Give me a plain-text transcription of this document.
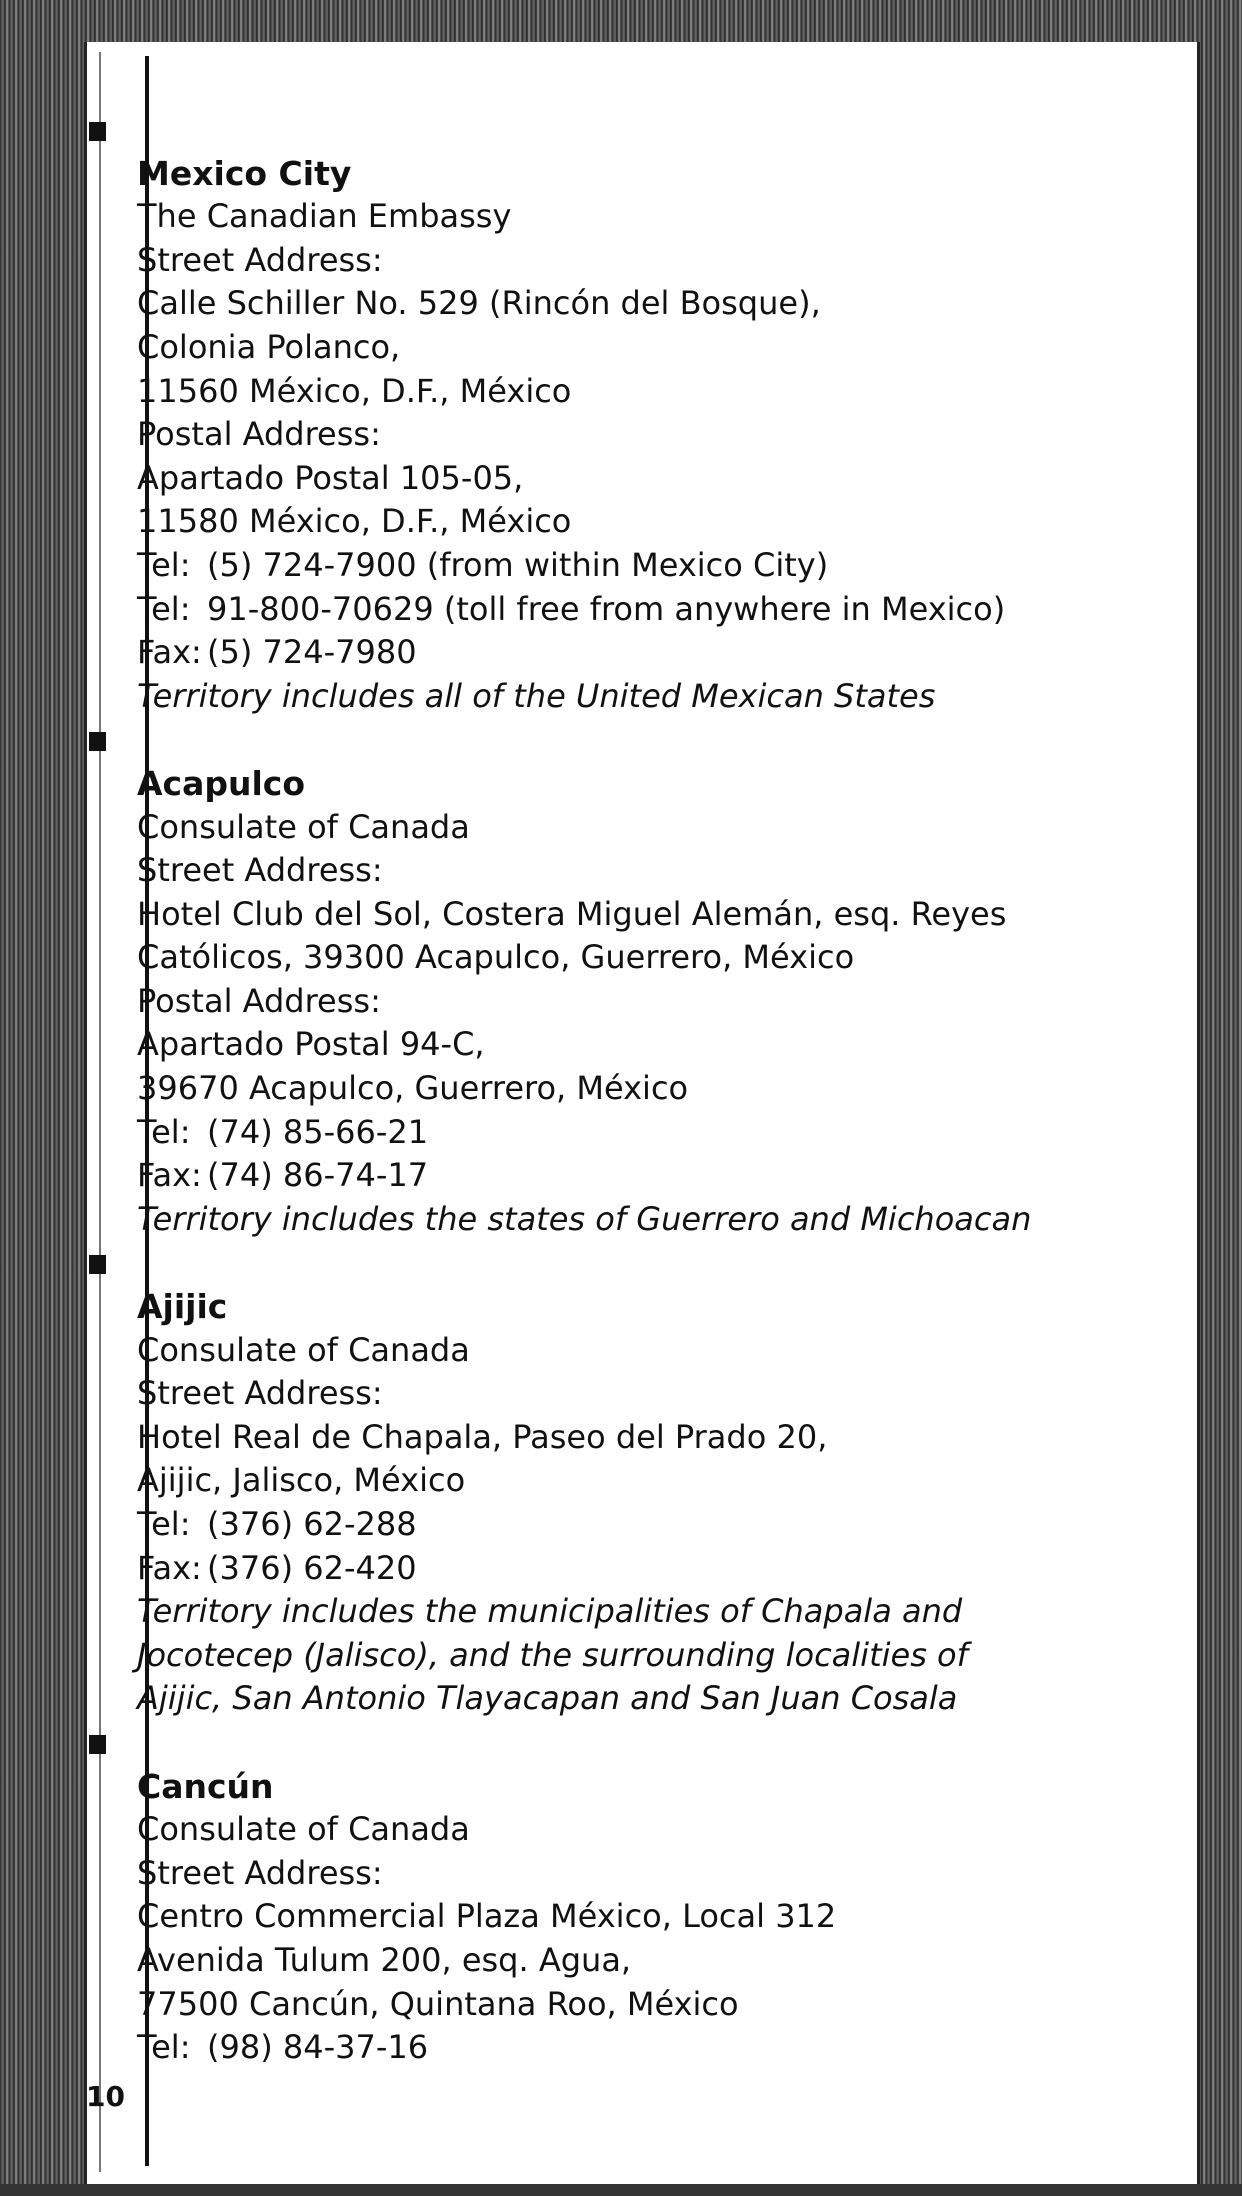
Mexico City
The Canadian Embassy
Street Address:
Calle Schiller No. 529 (Rincón del Bosque),
Colonia Polanco,
11560 México, D.F., México
Postal Address:
Apartado Postal 105-05,
11580 México, D.F., México
Tel: (5) 724-7900 (from within Mexico City)
Tel: 91-800-70629 (toll free from anywhere in Mexico)
Fax: (5) 724-7980
Territory includes all of the United Mexican States
Acapulco
Consulate of Canada
Street Address:
Hotel Club del Sol, Costera Miguel Alemán, esq. Reyes
Católicos, 39300 Acapulco, Guerrero, México
Postal Address:
Apartado Postal 94-C,
39670 Acapulco, Guerrero, México
Tel: (74) 85-66-21
Fax: (74) 86-74-17
Territory includes the states of Guerrero and Michoacan
Ajijic
Consulate of Canada
Street Address:
Hotel Real de Chapala, Paseo del Prado 20,
Ajijic, Jalisco, México
Tel: (376) 62-288
Fax: (376) 62-420
Territory includes the municipalities of Chapala and
Jocotecep (Jalisco), and the surrounding localities of
Ajijic, San Antonio Tlayacapan and San Juan Cosala
Cancún
Consulate of Canada
Street Address:
Centro Commercial Plaza México, Local 312
Avenida Tulum 200, esq. Agua,
77500 Cancún, Quintana Roo, México
Tel: (98) 84-37-16
10
